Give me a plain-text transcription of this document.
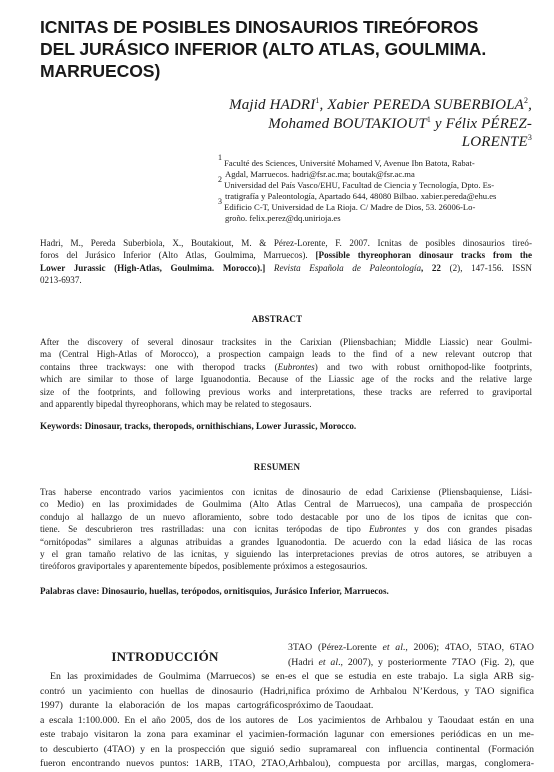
ICNITAS DE POSIBLES DINOSAURIOS TIREÓFOROS
DEL JURÁSICO INFERIOR (ALTO ATLAS, GOULMIMA.
MARRUECOS)
Majid HADRI$^1$, Xabier PEREDA SUBERBIOLA$^2$,
Mohamed BOUTAKIOUT$^1$ y Félix PÉREZ-
LORENTE$^3$
$^1$ Faculté des Sciences, Université Mohamed V, Avenue Ibn Batota, Rabat-
Agdal, Marruecos. hadri@fsr.ac.ma; boutak@fsr.ac.ma
$^2$ Universidad del País Vasco/EHU, Facultad de Ciencia y Tecnología, Dpto. Es-
tratigrafía y Paleontología, Apartado 644, 48080 Bilbao. xabier.pereda@ehu.es
$^3$ Edificio C-T, Universidad de La Rioja. C/ Madre de Dios, 53. 26006-Lo-
groño. felix.perez@dq.unirioja.es
Hadri, M., Pereda Suberbiola, X., Boutakiout, M. & Pérez-Lorente, F. 2007. Icnitas de posibles dinosaurios tireó-
foros del Jurásico Inferior (Alto Atlas, Goulmima, Marruecos). [Possible thyreophoran dinosaur tracks from the
Lower Jurassic (High-Atlas, Goulmima. Morocco).] Revista Española de Paleontología, 22 (2), 147-156. ISSN
0213-6937.
ABSTRACT
After the discovery of several dinosaur tracksites in the Carixian (Pliensbachian; Middle Liassic) near Goulmi-
ma (Central High-Atlas of Morocco), a prospection campaign leads to the find of a new relevant outcrop that
contains three trackways: one with theropod tracks (Eubrontes) and two with robust ornithopod-like footprints,
which are similar to those of large Iguanodontia. Because of the Liassic age of the rocks and the relative large
size of the footprints, and following previous works and interpretations, these tracks are referred to graviportal
and apparently bipedal thyreophorans, which may be related to stegosaurs.
Keywords: Dinosaur, tracks, theropods, ornithischians, Lower Jurassic, Morocco.
RESUMEN
Tras haberse encontrado varios yacimientos con icnitas de dinosaurio de edad Carixiense (Pliensbaquiense, Liási-
co Medio) en las proximidades de Goulmima (Alto Atlas Central de Marruecos), una campaña de prospección
condujo al hallazgo de un nuevo afloramiento, sobre todo destacable por uno de los tipos de icnitas que con-
tiene. Se descubrieron tres rastrilladas: una con icnitas terópodas de tipo Eubrontes y dos con grandes pisadas
“ornitópodas” similares a algunas atribuidas a grandes Iguanodontia. De acuerdo con la edad liásica de las rocas
y el gran tamaño relativo de las icnitas, y siguiendo las interpretaciones previas de otros autores, se atribuyen a
tireóforos graviportales y aparentemente bípedos, posiblemente próximos a estegosaurios.
Palabras clave: Dinosaurio, huellas, terópodos, ornitisquios, Jurásico Inferior, Marruecos.
INTRODUCCIÓN
En las proximidades de Goulmima (Marruecos) se en-
contró un yacimiento con huellas de dinosaurio (Hadri,
1997) durante la elaboración de los mapas cartográficos
a escala 1:100.000. En el año 2005, dos de los autores de
este trabajo visitaron la zona para examinar el yacimien-
to descubierto (4TAO) y en la prospección que siguió se
fueron encontrando nuevos puntos: 1ARB, 1TAO, 2TAO,
3TAO (Pérez-Lorente et al., 2006); 4TAO, 5TAO, 6TAO
(Hadri et al., 2007), y posteriormente 7TAO (Fig. 2), que
es el que se estudia en este trabajo. La sigla ARB sig-
nifica próximo de Arhbalou N’Kerdous, y TAO significa
próximo de Taoudaat.
Los yacimientos de Arhbalou y Taoudaat están en una
formación lagunar con emersiones periódicas en un me-
dio supramareal con influencia continental (Formación
Arhbalou), compuesta por arcillas, margas, conglomera-
